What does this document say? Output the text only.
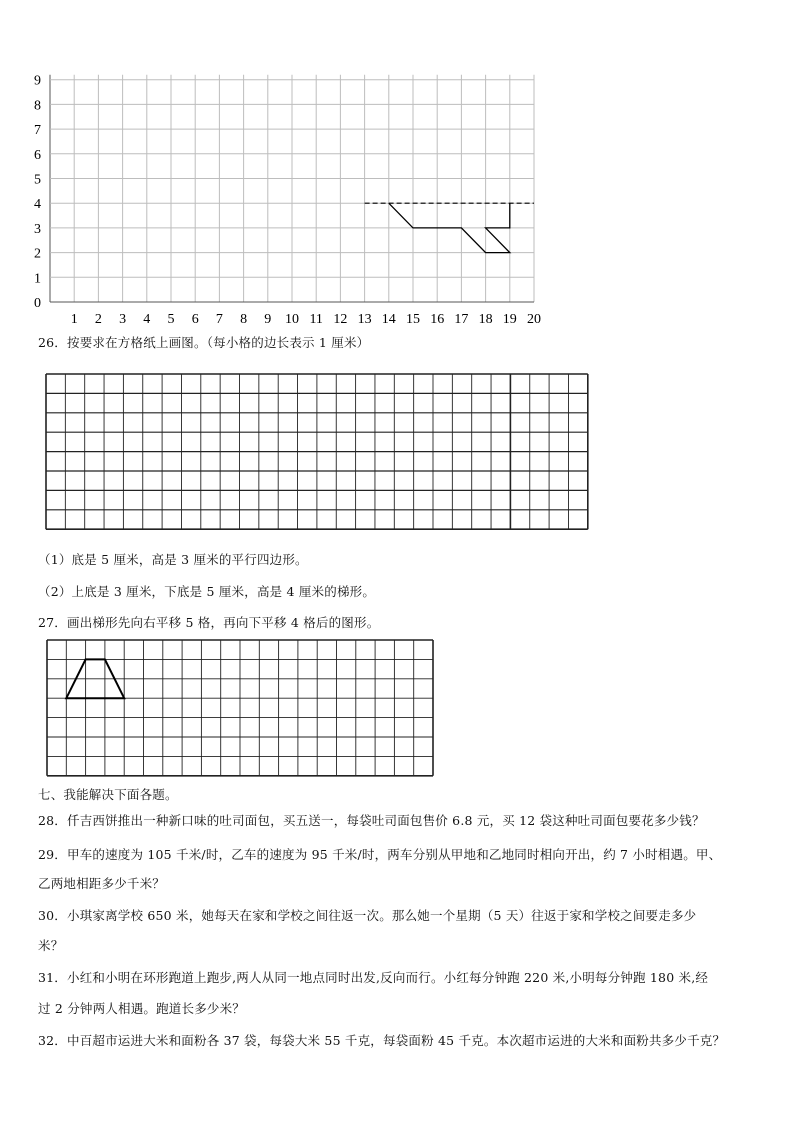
0
1
2
3
4
5
6
7
8
9
1 2 3 4 5 6 7 8 9 10 11 12 13 14 15 16 17 18 19 20
26．按要求在方格纸上画图。（每小格的边长表示 1 厘米）
（1）底是 5 厘米，高是 3 厘米的平行四边形。
（2）上底是 3 厘米，下底是 5 厘米，高是 4 厘米的梯形。
27．画出梯形先向右平移 5 格，再向下平移 4 格后的图形。
七、我能解决下面各题。
28．仟吉西饼推出一种新口味的吐司面包，买五送一，每袋吐司面包售价 6.8 元，买 12 袋这种吐司面包要花多少钱？
29．甲车的速度为 105 千米/时，乙车的速度为 95 千米/时，两车分别从甲地和乙地同时相向开出，约 7 小时相遇。甲、
乙两地相距多少千米？
30．小琪家离学校 650 米，她每天在家和学校之间往返一次。那么她一个星期（5 天）往返于家和学校之间要走多少
米？
31．小红和小明在环形跑道上跑步,两人从同一地点同时出发,反向而行。小红每分钟跑 220 米,小明每分钟跑 180 米,经
过 2 分钟两人相遇。跑道长多少米？
32．中百超市运进大米和面粉各 37 袋，每袋大米 55 千克，每袋面粉 45 千克。本次超市运进的大米和面粉共多少千克？
